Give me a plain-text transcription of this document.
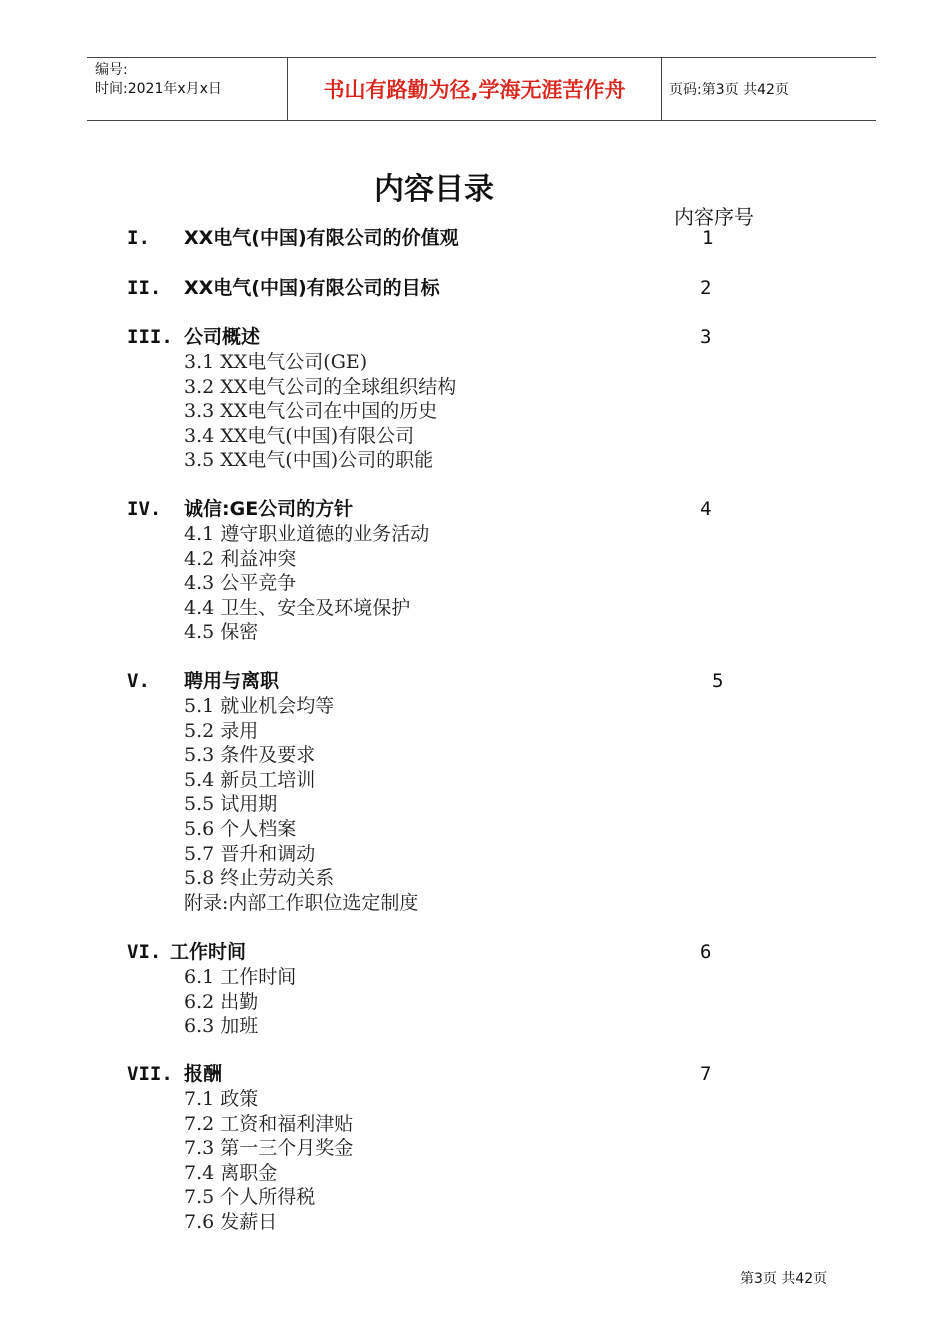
编号:
时间:2021年x月x日	书山有路勤为径,学海无涯苦作舟	页码:第3页 共42页
内容目录
内容序号
I. XX电气(中国)有限公司的价值观	1
II. XX电气(中国)有限公司的目标	2
III. 公司概述	3
3.1 XX电气公司(GE)
3.2 XX电气公司的全球组织结构
3.3 XX电气公司在中国的历史
3.4 XX电气(中国)有限公司
3.5 XX电气(中国)公司的职能
IV. 诚信:GE公司的方针	4
4.1 遵守职业道德的业务活动
4.2 利益冲突
4.3 公平竞争
4.4 卫生、安全及环境保护
4.5 保密
V. 聘用与离职	5
5.1 就业机会均等
5.2 录用
5.3 条件及要求
5.4 新员工培训
5.5 试用期
5.6 个人档案
5.7 晋升和调动
5.8 终止劳动关系
附录:内部工作职位选定制度
VI. 工作时间	6
6.1 工作时间
6.2 出勤
6.3 加班
VII. 报酬	7
7.1 政策
7.2 工资和福利津贴
7.3 第一三个月奖金
7.4 离职金
7.5 个人所得税
7.6 发薪日
第3页 共42页
